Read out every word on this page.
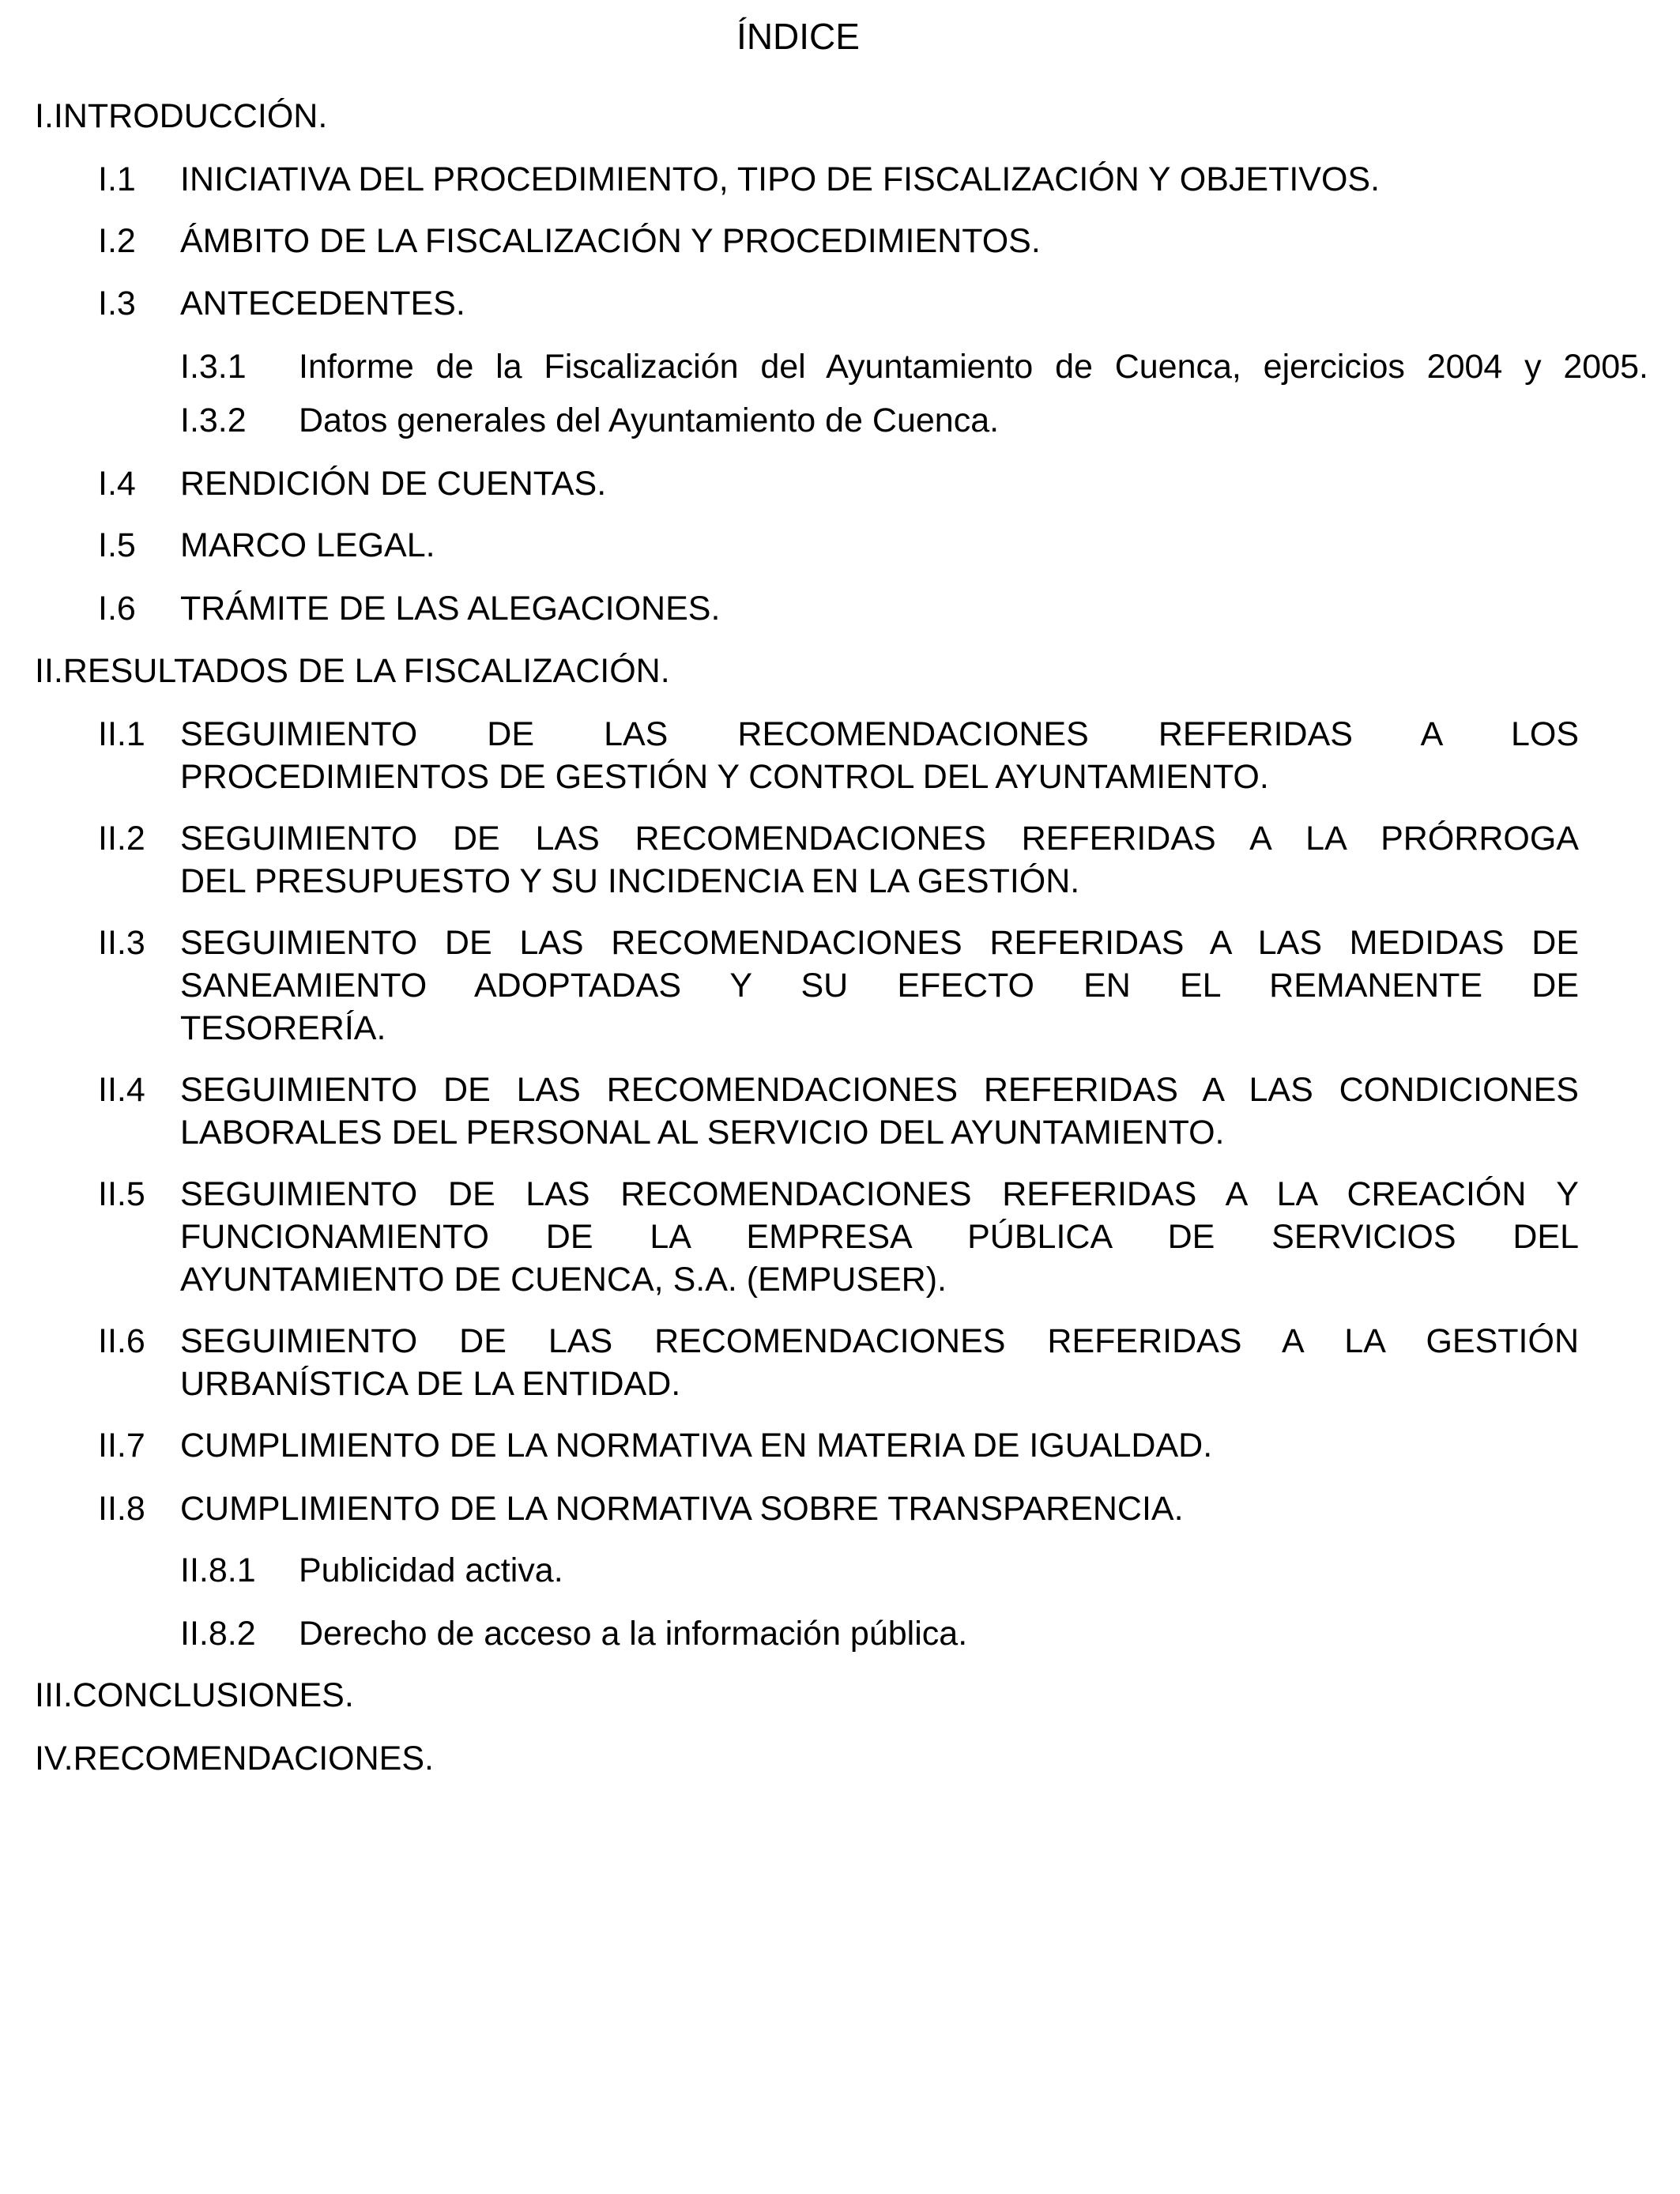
ÍNDICE
I.INTRODUCCIÓN.
I.1 INICIATIVA DEL PROCEDIMIENTO, TIPO DE FISCALIZACIÓN Y OBJETIVOS.
I.2 ÁMBITO DE LA FISCALIZACIÓN Y PROCEDIMIENTOS.
I.3 ANTECEDENTES.
I.3.1 Informe de la Fiscalización del Ayuntamiento de Cuenca, ejercicios 2004 y 2005.
I.3.2 Datos generales del Ayuntamiento de Cuenca.
I.4 RENDICIÓN DE CUENTAS.
I.5 MARCO LEGAL.
I.6 TRÁMITE DE LAS ALEGACIONES.
II.RESULTADOS DE LA FISCALIZACIÓN.
II.1 SEGUIMIENTO DE LAS RECOMENDACIONES REFERIDAS A LOS
PROCEDIMIENTOS DE GESTIÓN Y CONTROL DEL AYUNTAMIENTO.
II.2 SEGUIMIENTO DE LAS RECOMENDACIONES REFERIDAS A LA PRÓRROGA
DEL PRESUPUESTO Y SU INCIDENCIA EN LA GESTIÓN.
II.3 SEGUIMIENTO DE LAS RECOMENDACIONES REFERIDAS A LAS MEDIDAS DE
SANEAMIENTO ADOPTADAS Y SU EFECTO EN EL REMANENTE DE
TESORERÍA.
II.4 SEGUIMIENTO DE LAS RECOMENDACIONES REFERIDAS A LAS CONDICIONES
LABORALES DEL PERSONAL AL SERVICIO DEL AYUNTAMIENTO.
II.5 SEGUIMIENTO DE LAS RECOMENDACIONES REFERIDAS A LA CREACIÓN Y
FUNCIONAMIENTO DE LA EMPRESA PÚBLICA DE SERVICIOS DEL
AYUNTAMIENTO DE CUENCA, S.A. (EMPUSER).
II.6 SEGUIMIENTO DE LAS RECOMENDACIONES REFERIDAS A LA GESTIÓN
URBANÍSTICA DE LA ENTIDAD.
II.7 CUMPLIMIENTO DE LA NORMATIVA EN MATERIA DE IGUALDAD.
II.8 CUMPLIMIENTO DE LA NORMATIVA SOBRE TRANSPARENCIA.
II.8.1 Publicidad activa.
II.8.2 Derecho de acceso a la información pública.
III.CONCLUSIONES.
IV.RECOMENDACIONES.
